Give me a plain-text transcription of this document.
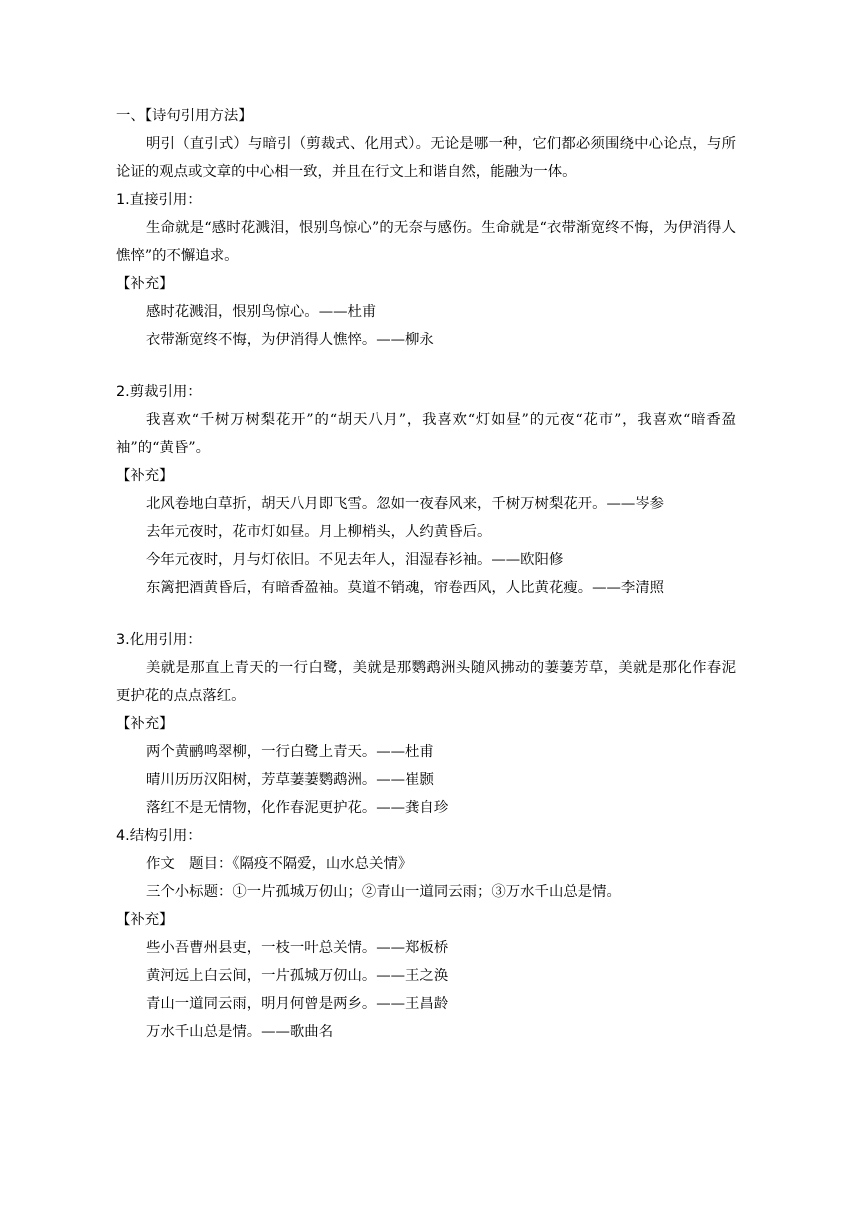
一、【诗句引用方法】
明引（直引式）与暗引（剪裁式、化用式）。无论是哪一种，它们都必须围绕中心论点，与所论证的观点或文章的中心相一致，并且在行文上和谐自然，能融为一体。
1.直接引用：
生命就是“感时花溅泪，恨别鸟惊心”的无奈与感伤。生命就是“衣带渐宽终不悔，为伊消得人憔悴”的不懈追求。
【补充】
感时花溅泪，恨别鸟惊心。——杜甫
衣带渐宽终不悔，为伊消得人憔悴。——柳永
2.剪裁引用：
我喜欢“千树万树梨花开”的“胡天八月”，我喜欢“灯如昼”的元夜“花市”，我喜欢“暗香盈袖”的“黄昏”。
【补充】
北风卷地白草折，胡天八月即飞雪。忽如一夜春风来，千树万树梨花开。——岑参
去年元夜时，花市灯如昼。月上柳梢头，人约黄昏后。
今年元夜时，月与灯依旧。不见去年人，泪湿春衫袖。——欧阳修
东篱把酒黄昏后，有暗香盈袖。莫道不销魂，帘卷西风，人比黄花瘦。——李清照
3.化用引用：
美就是那直上青天的一行白鹭，美就是那鹦鹉洲头随风拂动的萋萋芳草，美就是那化作春泥更护花的点点落红。
【补充】
两个黄鹂鸣翠柳，一行白鹭上青天。——杜甫
晴川历历汉阳树，芳草萋萋鹦鹉洲。——崔颢
落红不是无情物，化作春泥更护花。——龚自珍
4.结构引用：
作文　题目：《隔疫不隔爱，山水总关情》
三个小标题：①一片孤城万仞山；②青山一道同云雨；③万水千山总是情。
【补充】
些小吾曹州县吏，一枝一叶总关情。——郑板桥
黄河远上白云间，一片孤城万仞山。——王之涣
青山一道同云雨，明月何曾是两乡。——王昌龄
万水千山总是情。——歌曲名
